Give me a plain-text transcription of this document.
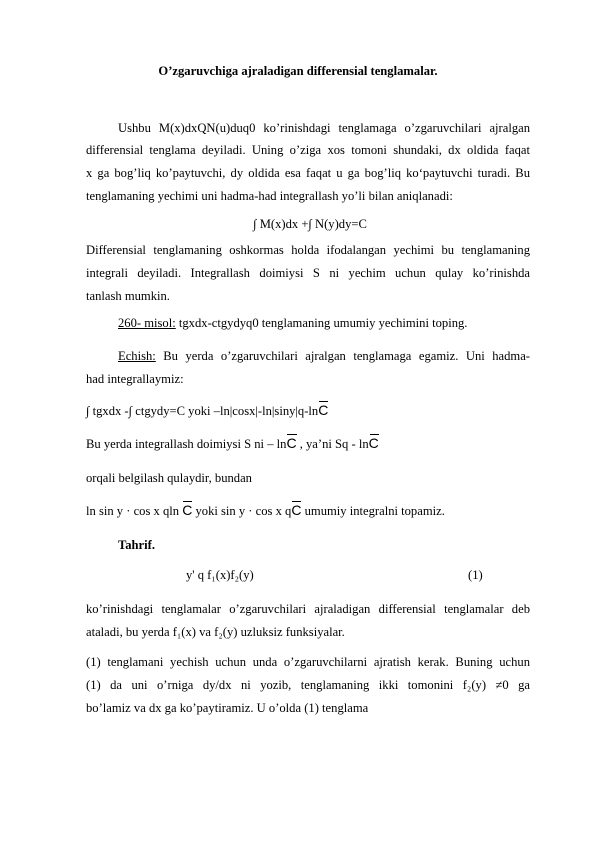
O’zgaruvchiga ajraladigan differensial tenglamalar.
Ushbu M(x)dxQN(u)duq0 ko’rinishdagi tenglamaga o’zgaruvchilari ajralgan
differensial tenglama deyiladi. Uning o’ziga xos tomoni shundaki, dx oldida faqat
x ga bog’liq ko’paytuvchi, dy oldida esa faqat u ga bog’liq ko‘paytuvchi turadi. Bu
tenglamaning yechimi uni hadma-had integrallash yo’li bilan aniqlanadi:
∫ M(x)dx +∫ N(y)dy=C
Differensial tenglamaning oshkormas holda ifodalangan yechimi bu tenglamaning
integrali deyiladi. Integrallash doimiysi S ni yechim uchun qulay ko’rinishda
tanlash mumkin.
260- misol: tgxdx-ctgydyq0 tenglamaning umumiy yechimini toping.
Echish: Bu yerda o’zgaruvchilari ajralgan tenglamaga egamiz. Uni hadma-
had integrallaymiz:
∫ tgxdx -∫ ctgydy=C yoki –ln|cosx|-ln|siny|q-lnC
Bu yerda integrallash doimiysi S ni – lnC , ya’ni Sq - lnC
orqali belgilash qulaydir, bundan
ln sin y · cos x qln C yoki sin y · cos x qC umumiy integralni topamiz.
Tahrif.
y' q f₁(x)f₂(y)	(1)
ko’rinishdagi tenglamalar o’zgaruvchilari ajraladigan differensial tenglamalar deb
ataladi, bu yerda f₁(x) va f₂(y) uzluksiz funksiyalar.
(1) tenglamani yechish uchun unda o’zgaruvchilarni ajratish kerak. Buning uchun
(1) da uni o’rniga dy/dx ni yozib, tenglamaning ikki tomonini f₂(y) ≠0 ga
bo’lamiz va dx ga ko’paytiramiz. U o’olda (1) tenglama
